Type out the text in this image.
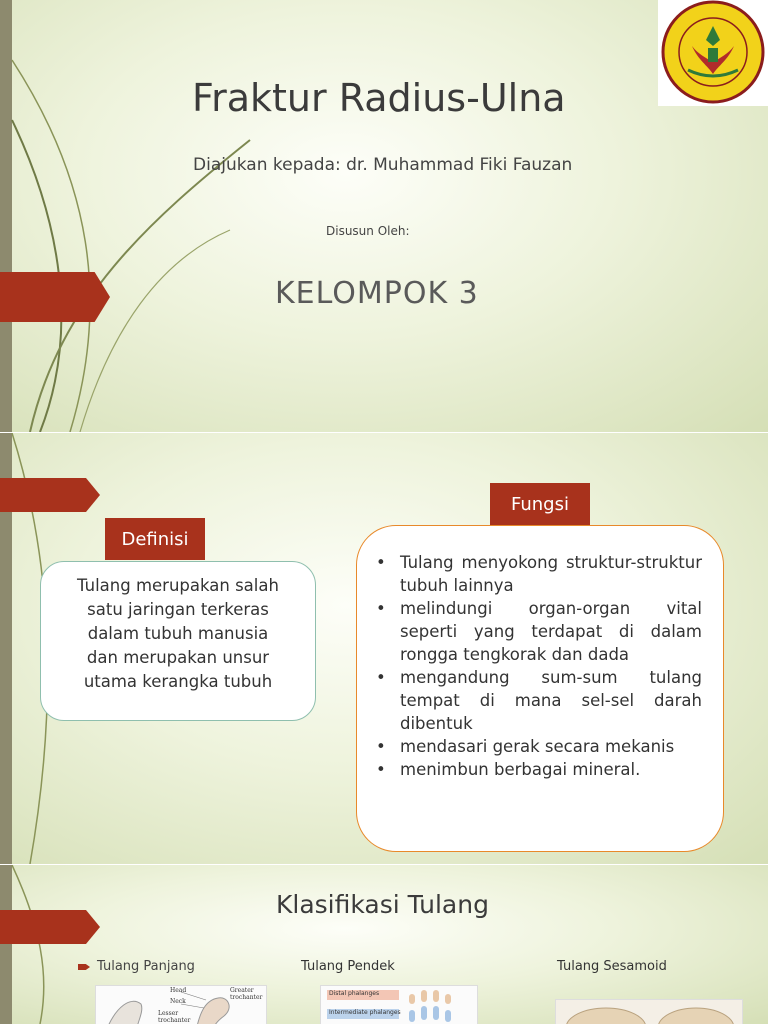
Fraktur Radius-Ulna
Diajukan kepada: dr. Muhammad Fiki Fauzan
Disusun Oleh:
KELOMPOK 3
Definisi
Tulang merupakan salah
satu jaringan terkeras
dalam tubuh manusia
dan merupakan unsur
utama kerangka tubuh
Fungsi
• Tulang menyokong struktur-struktur tubuh lainnya
• melindungi organ-organ vital seperti yang terdapat di dalam rongga tengkorak dan dada
• mengandung sum-sum tulang tempat di mana sel-sel darah dibentuk
• mendasari gerak secara mekanis
• menimbun berbagai mineral.
Klasifikasi Tulang
Tulang Panjang	Tulang Pendek	Tulang Sesamoid
Head	Greater trochanter
Neck
Lesser trochanter
Distal phalanges
Intermediate phalanges
